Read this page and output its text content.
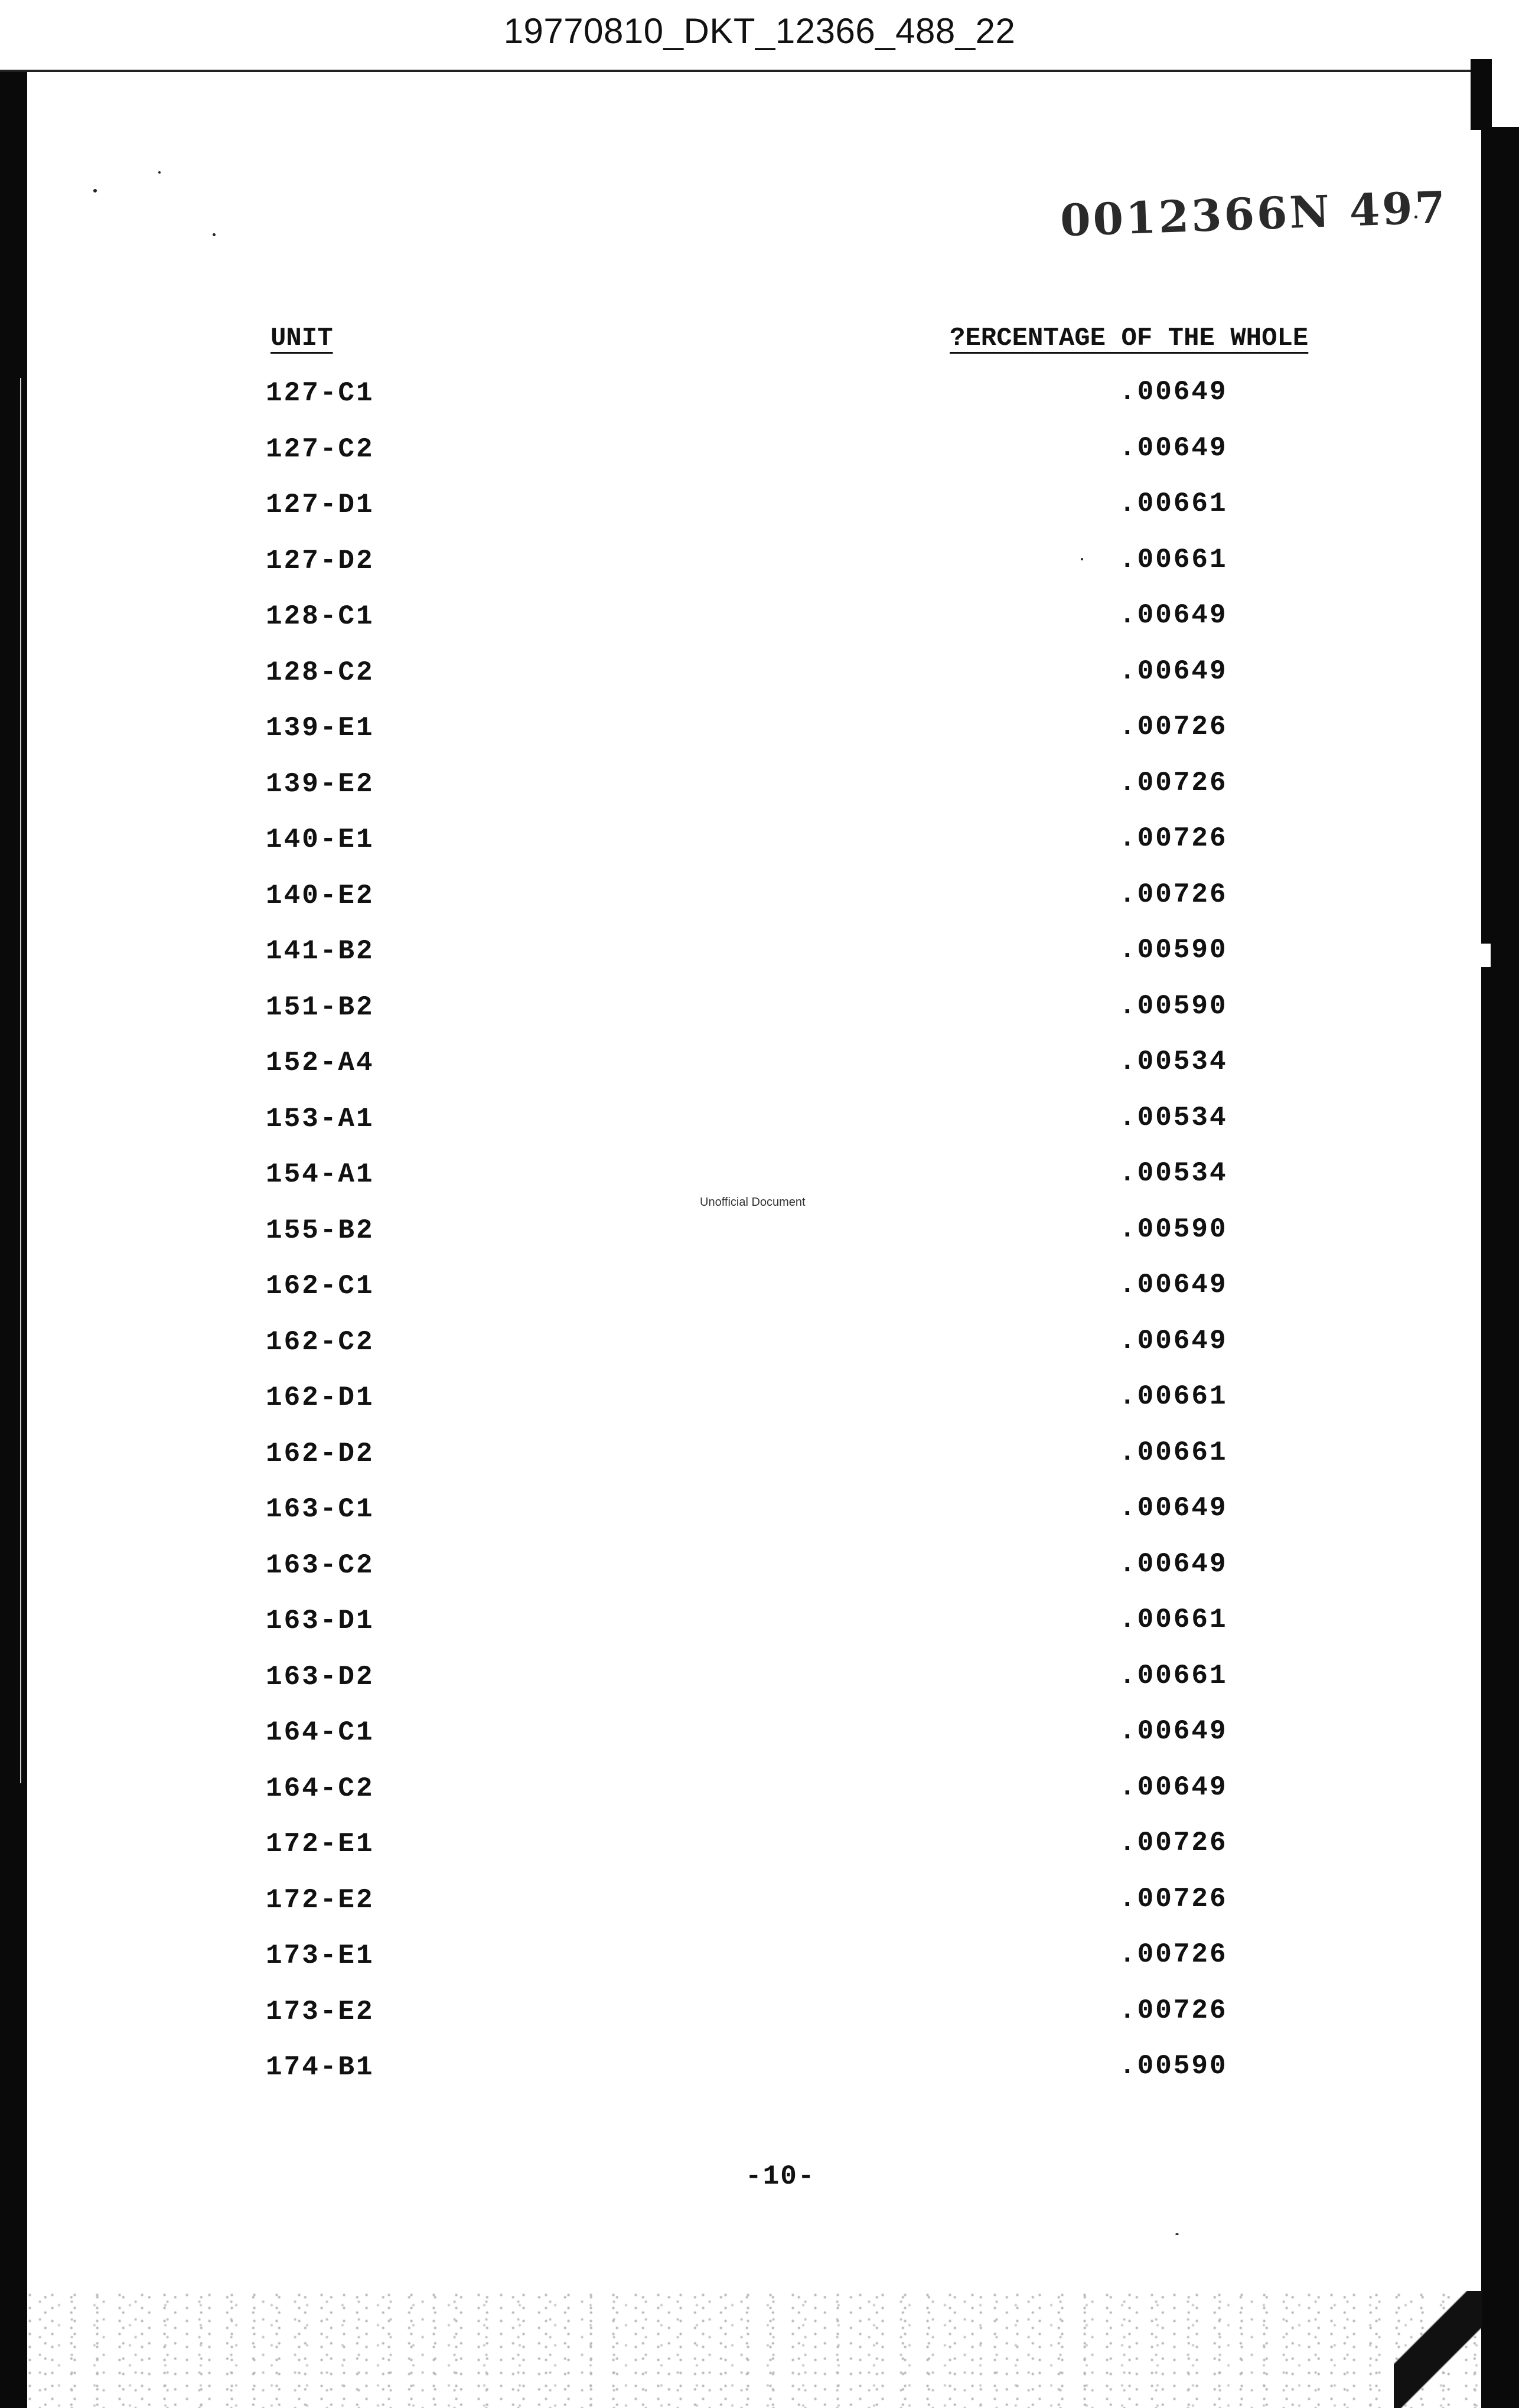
19770810_DKT_12366_488_22
0012366N 497
UNIT	?ERCENTAGE OF THE WHOLE
127-C1	.00649
127-C2	.00649
127-D1	.00661
127-D2	.00661
128-C1	.00649
128-C2	.00649
139-E1	.00726
139-E2	.00726
140-E1	.00726
140-E2	.00726
141-B2	.00590
151-B2	.00590
152-A4	.00534
153-A1	.00534
154-A1	.00534
155-B2	.00590
162-C1	.00649
162-C2	.00649
162-D1	.00661
162-D2	.00661
163-C1	.00649
163-C2	.00649
163-D1	.00661
163-D2	.00661
164-C1	.00649
164-C2	.00649
172-E1	.00726
172-E2	.00726
173-E1	.00726
173-E2	.00726
174-B1	.00590
Unofficial Document
-10-
